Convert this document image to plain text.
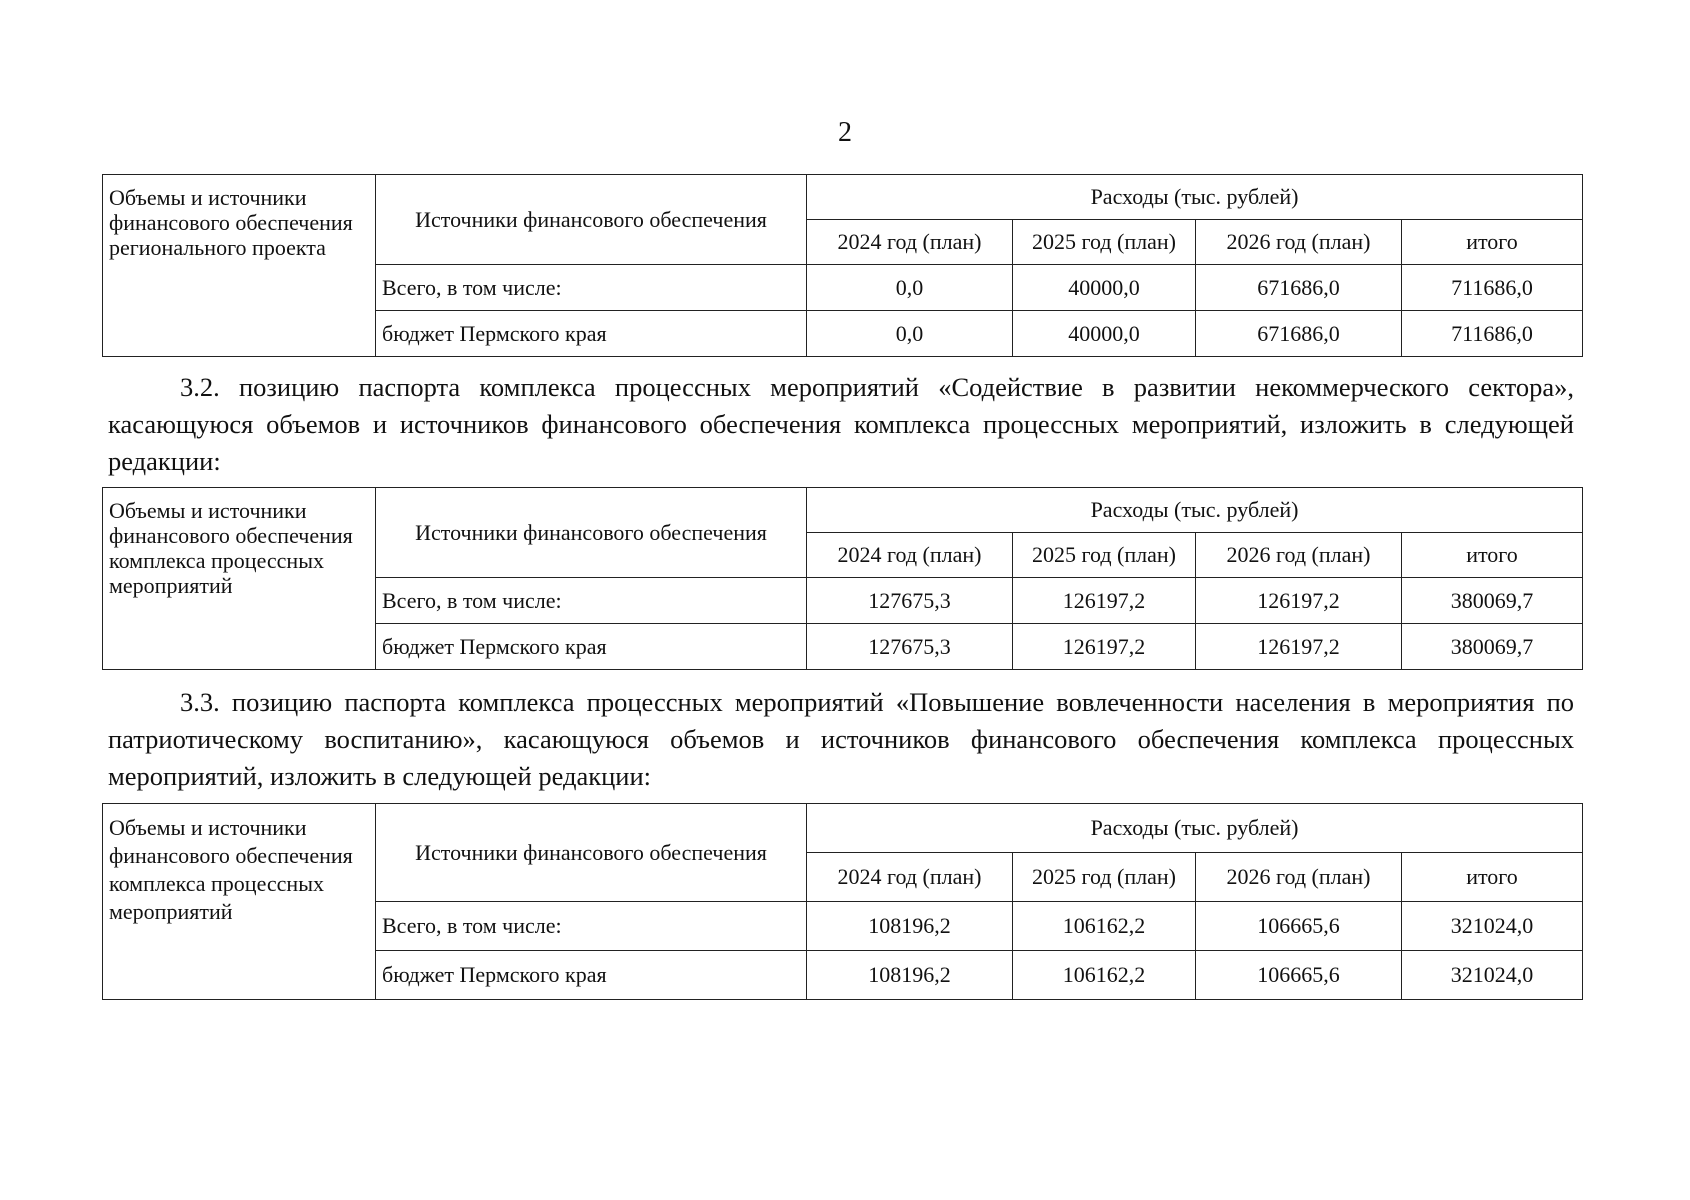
2
Объемы и источники финансового обеспечения регионального проекта	Источники финансового обеспечения	Расходы (тыс. рублей)			
		2024 год (план)	2025 год (план)	2026 год (план)	итого
	Всего, в том числе:	0,0	40000,0	671686,0	711686,0
	бюджет Пермского края	0,0	40000,0	671686,0	711686,0

3.2. позицию паспорта комплекса процессных мероприятий «Содействие в развитии некоммерческого сектора», касающуюся объемов и источников финансового обеспечения комплекса процессных мероприятий, изложить в следующей редакции:

Объемы и источники финансового обеспечения комплекса процессных мероприятий	Источники финансового обеспечения	Расходы (тыс. рублей)			
		2024 год (план)	2025 год (план)	2026 год (план)	итого
	Всего, в том числе:	127675,3	126197,2	126197,2	380069,7
	бюджет Пермского края	127675,3	126197,2	126197,2	380069,7

3.3. позицию паспорта комплекса процессных мероприятий «Повышение вовлеченности населения в мероприятия по патриотическому воспитанию», касающуюся объемов и источников финансового обеспечения комплекса процессных мероприятий, изложить в следующей редакции:

Объемы и источники финансового обеспечения комплекса процессных мероприятий	Источники финансового обеспечения	Расходы (тыс. рублей)			
		2024 год (план)	2025 год (план)	2026 год (план)	итого
	Всего, в том числе:	108196,2	106162,2	106665,6	321024,0
	бюджет Пермского края	108196,2	106162,2	106665,6	321024,0
